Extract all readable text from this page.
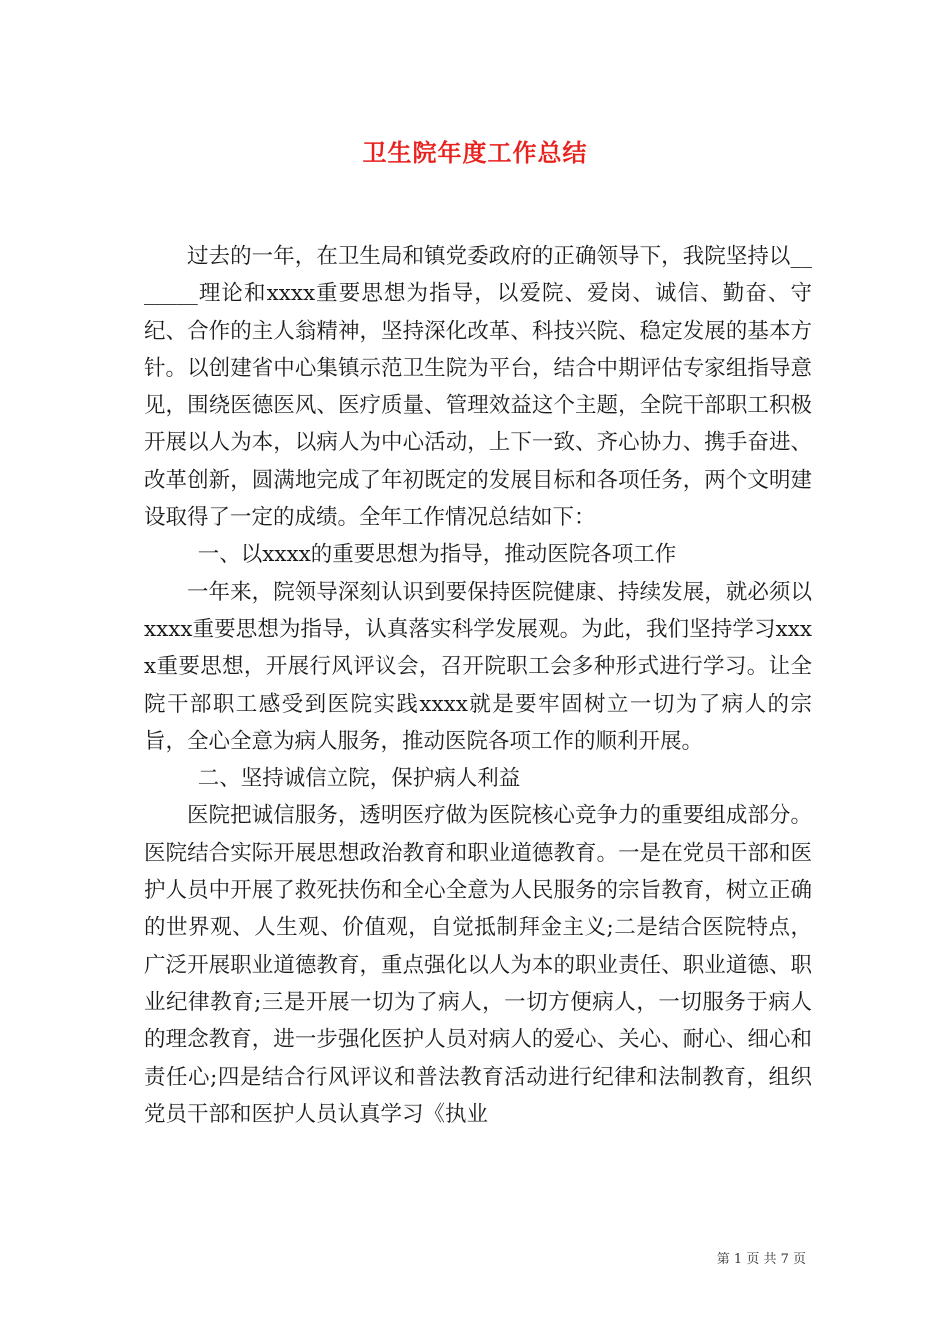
卫生院年度工作总结

过去的一年，在卫生局和镇党委政府的正确领导下，我院坚持以_______理论和xxxx重要思想为指导，以爱院、爱岗、诚信、勤奋、守纪、合作的主人翁精神，坚持深化改革、科技兴院、稳定发展的基本方针。以创建省中心集镇示范卫生院为平台，结合中期评估专家组指导意见，围绕医德医风、医疗质量、管理效益这个主题，全院干部职工积极开展以人为本，以病人为中心活动，上下一致、齐心协力、携手奋进、改革创新，圆满地完成了年初既定的发展目标和各项任务，两个文明建设取得了一定的成绩。全年工作情况总结如下：

一、以xxxx的重要思想为指导，推动医院各项工作

一年来，院领导深刻认识到要保持医院健康、持续发展，就必须以xxxx重要思想为指导，认真落实科学发展观。为此，我们坚持学习xxxx重要思想，开展行风评议会，召开院职工会多种形式进行学习。让全院干部职工感受到医院实践xxxx就是要牢固树立一切为了病人的宗旨，全心全意为病人服务，推动医院各项工作的顺利开展。

二、坚持诚信立院，保护病人利益

医院把诚信服务，透明医疗做为医院核心竞争力的重要组成部分。医院结合实际开展思想政治教育和职业道德教育。一是在党员干部和医护人员中开展了救死扶伤和全心全意为人民服务的宗旨教育，树立正确的世界观、人生观、价值观，自觉抵制拜金主义;二是结合医院特点，广泛开展职业道德教育，重点强化以人为本的职业责任、职业道德、职业纪律教育;三是开展一切为了病人，一切方便病人，一切服务于病人的理念教育，进一步强化医护人员对病人的爱心、关心、耐心、细心和责任心;四是结合行风评议和普法教育活动进行纪律和法制教育，组织党员干部和医护人员认真学习《执业

第 1 页 共 7 页
